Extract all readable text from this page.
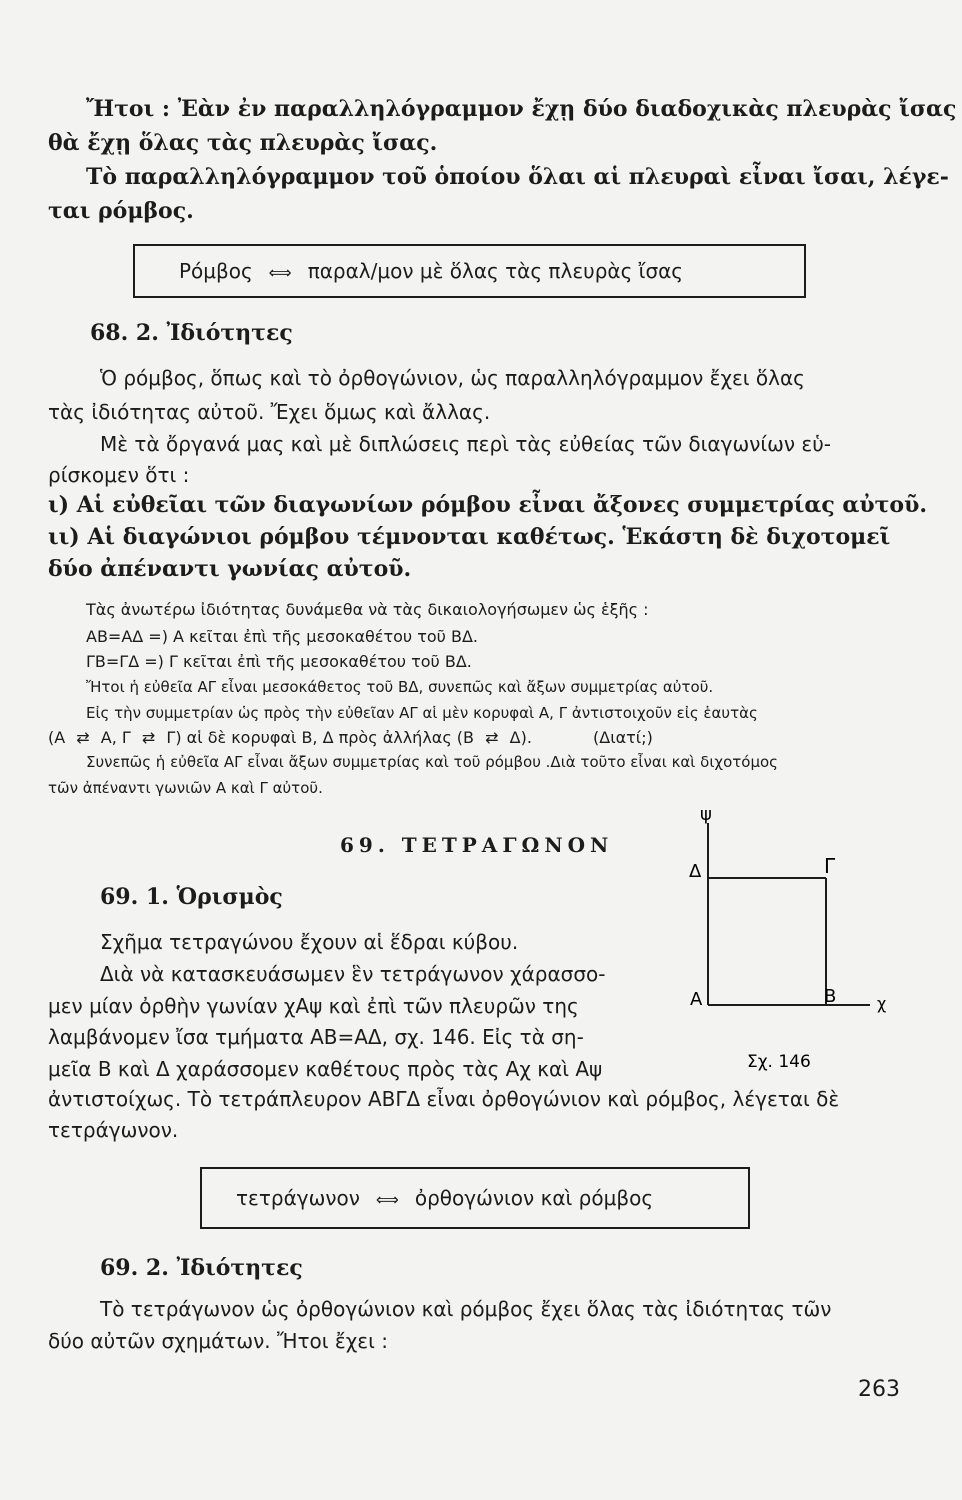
Ἤτοι : Ἐὰν ἐν παραλληλόγραμμον ἔχῃ δύο διαδοχικὰς πλευρὰς ἴσας
θὰ ἔχῃ ὅλας τὰς πλευρὰς ἴσας.
Τὸ παραλληλόγραμμον τοῦ ὁποίου ὅλαι αἱ πλευραὶ εἶναι ἴσαι, λέγε-
ται ρόμβος.
Ρόμβος ⟺ παραλ/μον μὲ ὅλας τὰς πλευρὰς ἴσας
68. 2. Ἰδιότητες
Ὁ ρόμβος, ὅπως καὶ τὸ ὀρθογώνιον, ὡς παραλληλόγραμμον ἔχει ὅλας
τὰς ἰδιότητας αὐτοῦ. Ἔχει ὅμως καὶ ἄλλας.
Μὲ τὰ ὄργανά μας καὶ μὲ διπλώσεις περὶ τὰς εὐθείας τῶν διαγωνίων εὑ-
ρίσκομεν ὅτι :
ι) Αἱ εὐθεῖαι τῶν διαγωνίων ρόμβου εἶναι ἄξονες συμμετρίας αὐτοῦ.
ιι) Αἱ διαγώνιοι ρόμβου τέμνονται καθέτως. Ἑκάστη δὲ διχοτομεῖ
δύο ἀπέναντι γωνίας αὐτοῦ.
Τὰς ἀνωτέρω ἰδιότητας δυνάμεθα νὰ τὰς δικαιολογήσωμεν ὡς ἑξῆς :
ΑΒ=ΑΔ =) Α κεῖται ἐπὶ τῆς μεσοκαθέτου τοῦ ΒΔ.
ΓΒ=ΓΔ =) Γ κεῖται ἐπὶ τῆς μεσοκαθέτου τοῦ ΒΔ.
Ἤτοι ἡ εὐθεῖα ΑΓ εἶναι μεσοκάθετος τοῦ ΒΔ, συνεπῶς καὶ ἄξων συμμετρίας αὐτοῦ.
Εἰς τὴν συμμετρίαν ὡς πρὸς τὴν εὐθεῖαν ΑΓ αἱ μὲν κορυφαὶ Α, Γ ἀντιστοιχοῦν εἰς ἑαυτὰς
(Α ⇄ Α, Γ ⇄ Γ) αἱ δὲ κορυφαὶ Β, Δ πρὸς ἀλλήλας (Β ⇄ Δ).	(Διατί;)
Συνεπῶς ἡ εὐθεῖα ΑΓ εἶναι ἄξων συμμετρίας καὶ τοῦ ρόμβου .Διὰ τοῦτο εἶναι καὶ διχοτόμος
τῶν ἀπέναντι γωνιῶν Α καὶ Γ αὐτοῦ.
69. ΤΕΤΡΑΓΩΝΟΝ
69. 1. Ὁρισμὸς
Σχῆμα τετραγώνου ἔχουν αἱ ἕδραι κύβου.
Διὰ νὰ κατασκευάσωμεν ἓν τετράγωνον χάρασσο-
μεν μίαν ὀρθὴν γωνίαν χΑψ καὶ ἐπὶ τῶν πλευρῶν της
λαμβάνομεν ἴσα τμήματα ΑΒ=ΑΔ, σχ. 146. Εἰς τὰ ση-
μεῖα Β καὶ Δ χαράσσομεν καθέτους πρὸς τὰς Αχ καὶ Αψ
ἀντιστοίχως. Τὸ τετράπλευρον ΑΒΓΔ εἶναι ὀρθογώνιον καὶ ρόμβος, λέγεται δὲ
τετράγωνον.
ψ
Δ	Γ
Α	Β	χ
Σχ. 146
τετράγωνον ⟺ ὀρθογώνιον καὶ ρόμβος
69. 2. Ἰδιότητες
Τὸ τετράγωνον ὡς ὀρθογώνιον καὶ ρόμβος ἔχει ὅλας τὰς ἰδιότητας τῶν
δύο αὐτῶν σχημάτων. Ἤτοι ἔχει :
263
